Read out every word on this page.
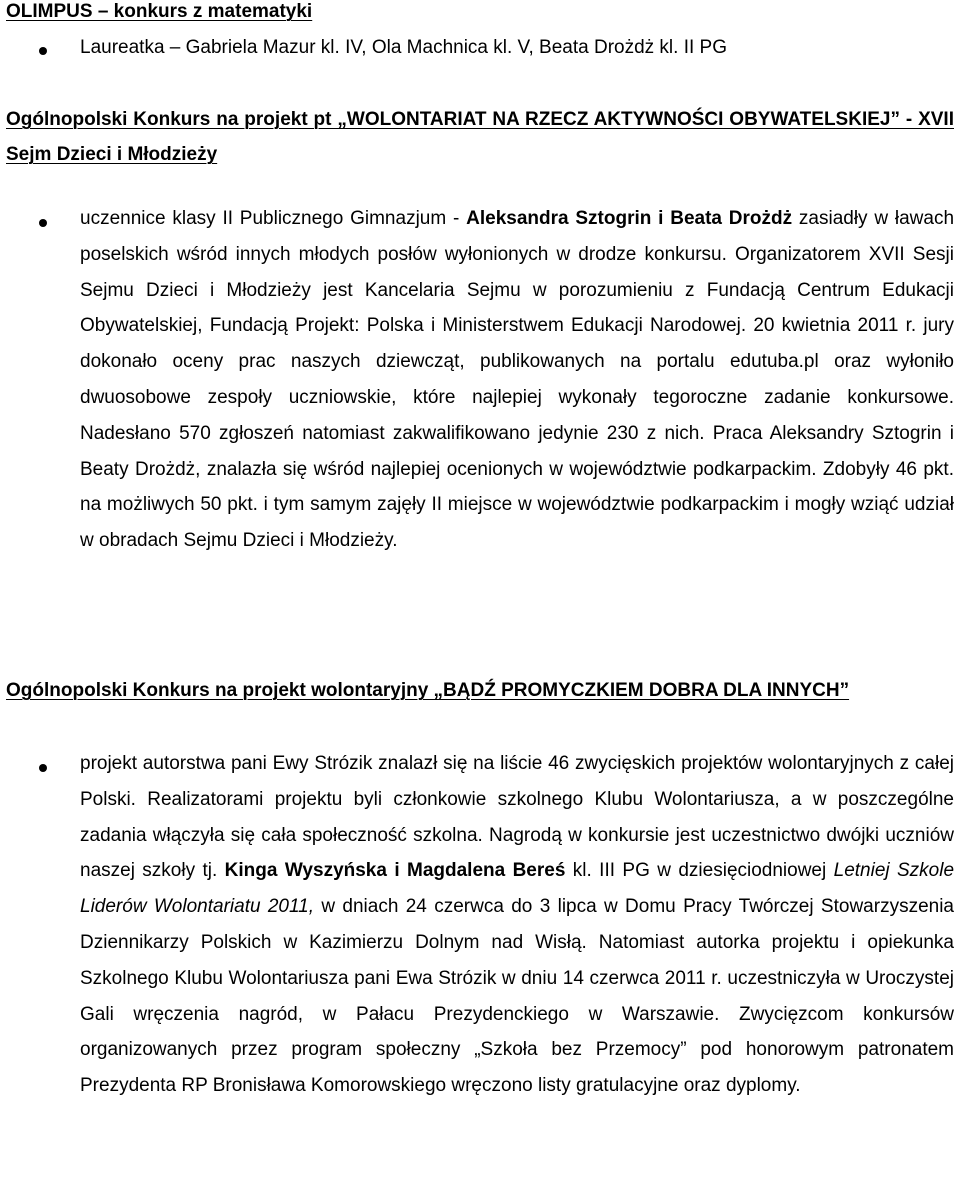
OLIMPUS – konkurs z matematyki

Laureatka – Gabriela Mazur kl. IV, Ola Machnica kl. V, Beata Drożdż kl. II PG

Ogólnopolski Konkurs na projekt pt „WOLONTARIAT NA RZECZ AKTYWNOŚCI OBYWATELSKIEJ” - XVII Sejm Dzieci i Młodzieży

uczennice klasy II Publicznego Gimnazjum - Aleksandra Sztogrin i Beata Drożdż zasiadły w ławach poselskich wśród innych młodych posłów wyłonionych w drodze konkursu. Organizatorem XVII Sesji Sejmu Dzieci i Młodzieży jest Kancelaria Sejmu w porozumieniu z Fundacją Centrum Edukacji Obywatelskiej, Fundacją Projekt: Polska i Ministerstwem Edukacji Narodowej. 20 kwietnia 2011 r. jury dokonało oceny prac naszych dziewcząt, publikowanych na portalu edutuba.pl oraz wyłoniło dwuosobowe zespoły uczniowskie, które najlepiej wykonały tegoroczne zadanie konkursowe. Nadesłano 570 zgłoszeń natomiast zakwalifikowano jedynie 230 z nich. Praca Aleksandry Sztogrin i Beaty Drożdż, znalazła się wśród najlepiej ocenionych w województwie podkarpackim. Zdobyły 46 pkt. na możliwych 50 pkt. i tym samym zajęły II miejsce w województwie podkarpackim i mogły wziąć udział w obradach Sejmu Dzieci i Młodzieży.

Ogólnopolski Konkurs na projekt wolontaryjny „BĄDŹ PROMYCZKIEM DOBRA DLA INNYCH”

projekt autorstwa pani Ewy Strózik znalazł się na liście 46 zwycięskich projektów wolontaryjnych z całej Polski. Realizatorami projektu byli członkowie szkolnego Klubu Wolontariusza, a w poszczególne zadania włączyła się cała społeczność szkolna. Nagrodą w konkursie jest uczestnictwo dwójki uczniów naszej szkoły tj. Kinga Wyszyńska i Magdalena Bereś kl. III PG w dziesięciodniowej Letniej Szkole Liderów Wolontariatu 2011, w dniach 24 czerwca do 3 lipca w Domu Pracy Twórczej Stowarzyszenia Dziennikarzy Polskich w Kazimierzu Dolnym nad Wisłą. Natomiast autorka projektu i opiekunka Szkolnego Klubu Wolontariusza pani Ewa Strózik w dniu 14 czerwca 2011 r. uczestniczyła w Uroczystej Gali wręczenia nagród, w Pałacu Prezydenckiego w Warszawie. Zwycięzcom konkursów organizowanych przez program społeczny „Szkoła bez Przemocy” pod honorowym patronatem Prezydenta RP Bronisława Komorowskiego wręczono listy gratulacyjne oraz dyplomy.
